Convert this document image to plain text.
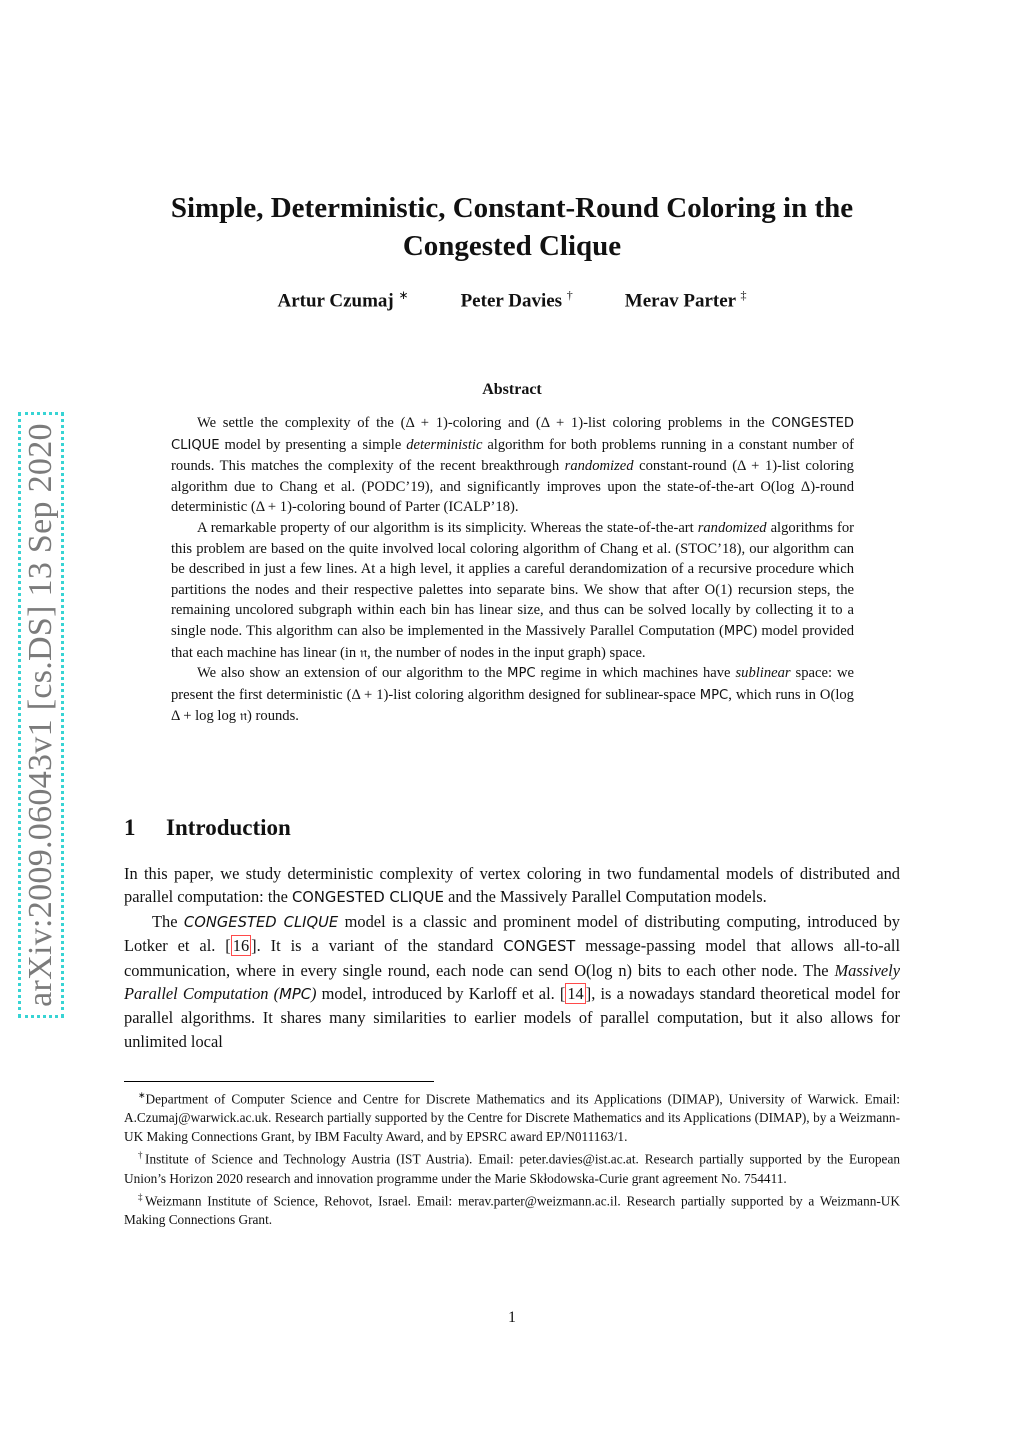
arXiv:2009.06043v1 [cs.DS] 13 Sep 2020
Simple, Deterministic, Constant-Round Coloring in the Congested Clique
Artur Czumaj ∗	Peter Davies †	Merav Parter ‡
Abstract

We settle the complexity of the (Δ + 1)-coloring and (Δ + 1)-list coloring problems in the CONGESTED CLIQUE model by presenting a simple deterministic algorithm for both problems running in a constant number of rounds. This matches the complexity of the recent breakthrough randomized constant-round (Δ + 1)-list coloring algorithm due to Chang et al. (PODC’19), and significantly improves upon the state-of-the-art O(log Δ)-round deterministic (Δ + 1)-coloring bound of Parter (ICALP’18).

A remarkable property of our algorithm is its simplicity. Whereas the state-of-the-art randomized algorithms for this problem are based on the quite involved local coloring algorithm of Chang et al. (STOC’18), our algorithm can be described in just a few lines. At a high level, it applies a careful derandomization of a recursive procedure which partitions the nodes and their respective palettes into separate bins. We show that after O(1) recursion steps, the remaining uncolored subgraph within each bin has linear size, and thus can be solved locally by collecting it to a single node. This algorithm can also be implemented in the Massively Parallel Computation (MPC) model provided that each machine has linear (in 𝔫, the number of nodes in the input graph) space.

We also show an extension of our algorithm to the MPC regime in which machines have sublinear space: we present the first deterministic (Δ + 1)-list coloring algorithm designed for sublinear-space MPC, which runs in O(log Δ + log log 𝔫) rounds.

1 Introduction

In this paper, we study deterministic complexity of vertex coloring in two fundamental models of distributed and parallel computation: the CONGESTED CLIQUE and the Massively Parallel Computation models.

The CONGESTED CLIQUE model is a classic and prominent model of distributing computing, introduced by Lotker et al. [ 16 ]. It is a variant of the standard CONGEST message-passing model that allows all-to-all communication, where in every single round, each node can send O(log n) bits to each other node. The Massively Parallel Computation (MPC) model, introduced by Karloff et al. [ 14 ], is a nowadays standard theoretical model for parallel algorithms. It shares many similarities to earlier models of parallel computation, but it also allows for unlimited local

∗Department of Computer Science and Centre for Discrete Mathematics and its Applications (DIMAP), University of Warwick. Email: A.Czumaj@warwick.ac.uk. Research partially supported by the Centre for Discrete Mathematics and its Applications (DIMAP), by a Weizmann-UK Making Connections Grant, by IBM Faculty Award, and by EPSRC award EP/N011163/1.

†Institute of Science and Technology Austria (IST Austria). Email: peter.davies@ist.ac.at. Research partially supported by the European Union’s Horizon 2020 research and innovation programme under the Marie Skłodowska-Curie grant agreement No. 754411.

‡Weizmann Institute of Science, Rehovot, Israel. Email: merav.parter@weizmann.ac.il. Research partially supported by a Weizmann-UK Making Connections Grant.

1
